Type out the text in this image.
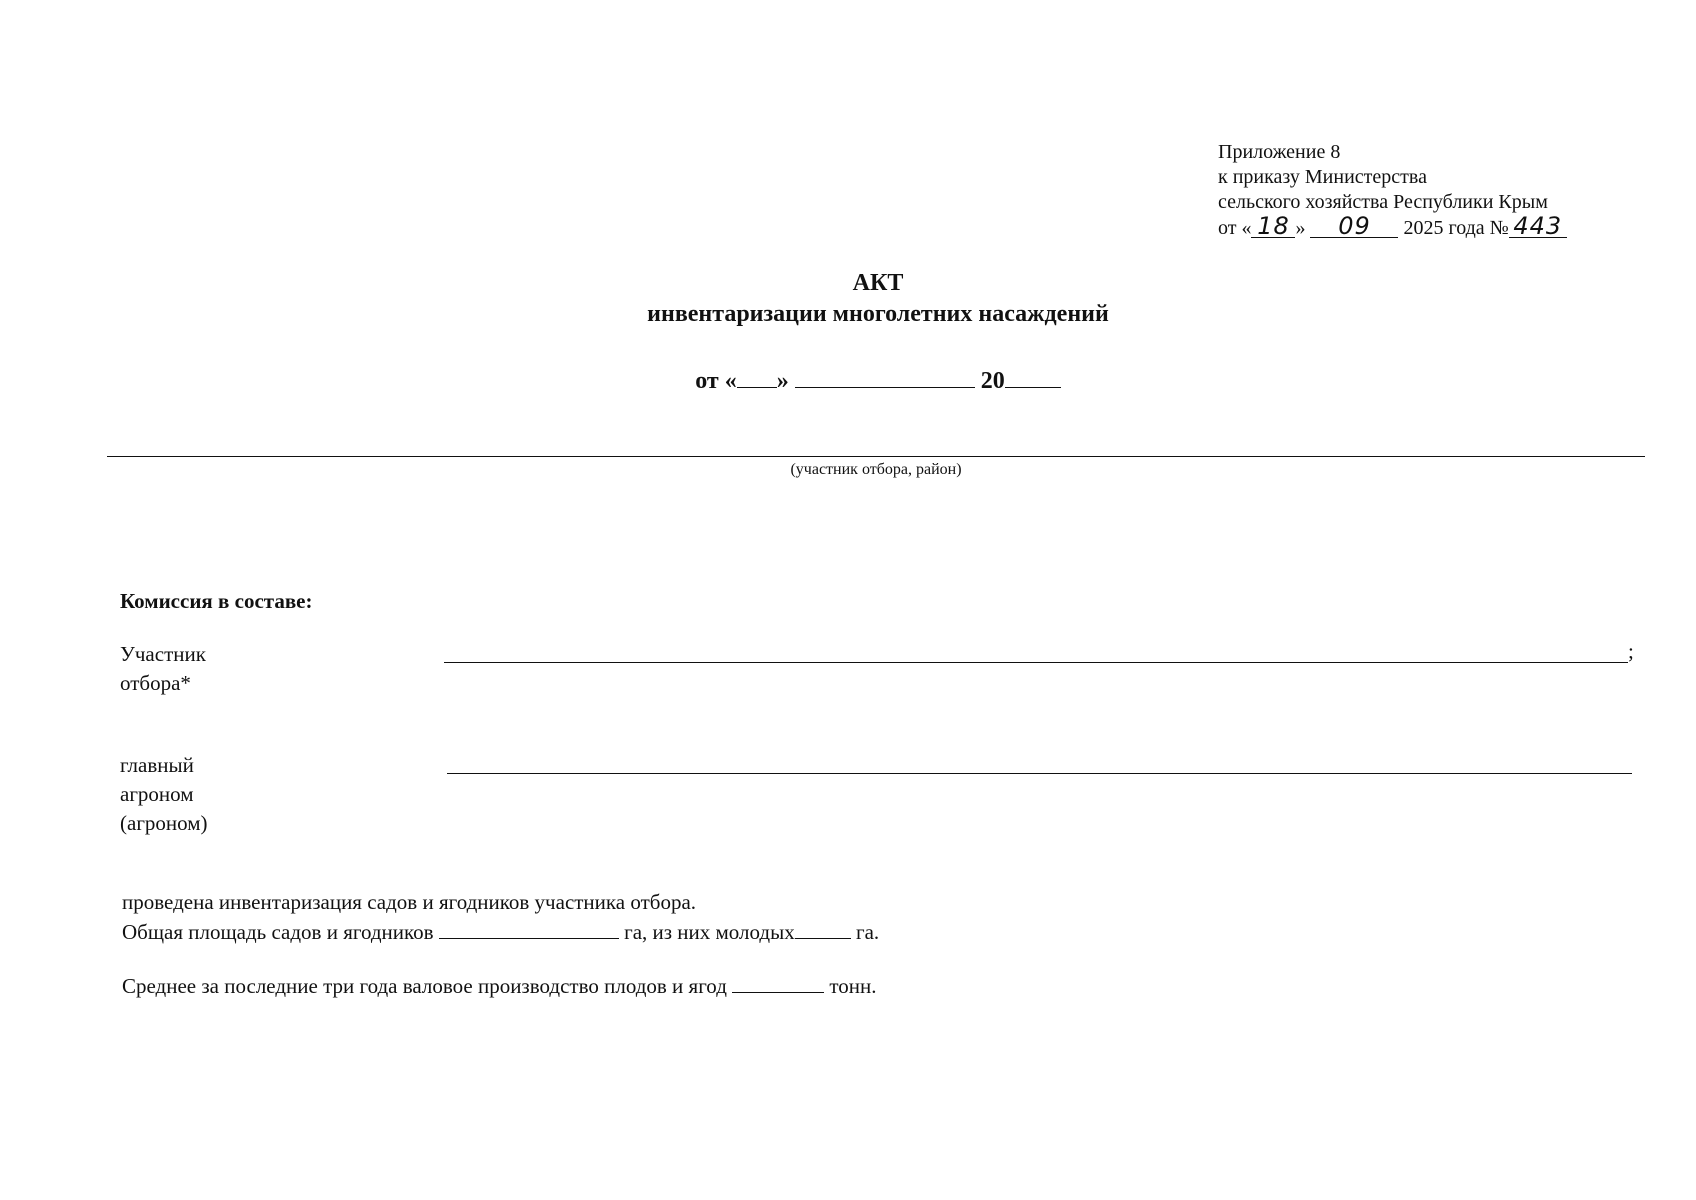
Приложение 8
к приказу Министерства
сельского хозяйства Республики Крым
от « 18 » 09 2025 года № 443
АКТ
инвентаризации многолетних насаждений
от « »	20
(участник отбора, район)
Комиссия в составе:
Участник
отбора*
;
главный
агроном
(агроном)
проведена инвентаризация садов и ягодников участника отбора.
Общая площадь садов и ягодников	га, из них молодых	га.
Среднее за последние три года валовое производство плодов и ягод	тонн.
